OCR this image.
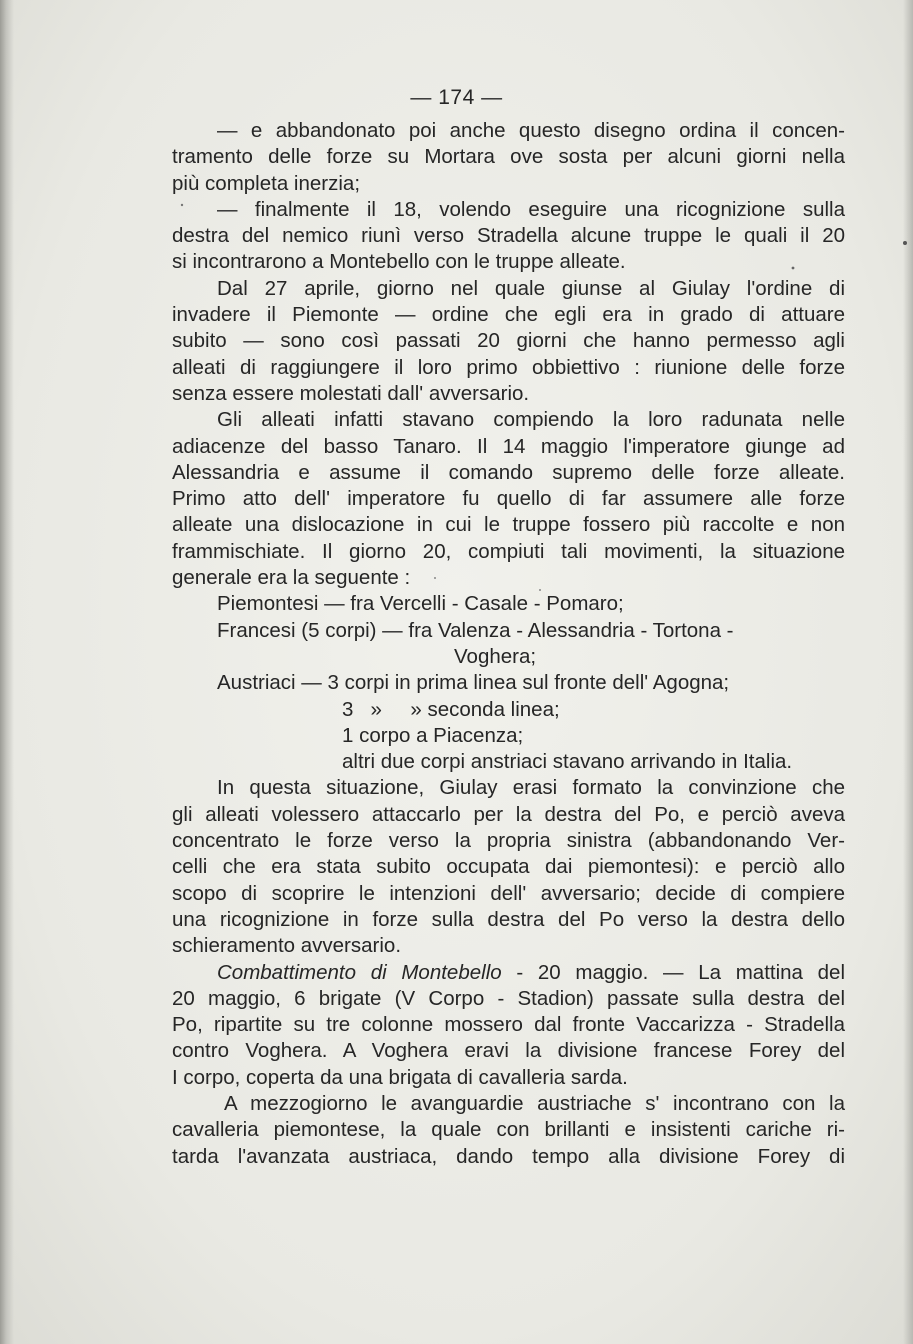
— 174 —
— e abbandonato poi anche questo disegno ordina il concen-
tramento delle forze su Mortara ove sosta per alcuni giorni nella
più completa inerzia;
— finalmente il 18, volendo eseguire una ricognizione sulla
destra del nemico riunì verso Stradella alcune truppe le quali il 20
si incontrarono a Montebello con le truppe alleate.
Dal 27 aprile, giorno nel quale giunse al Giulay l'ordine di
invadere il Piemonte — ordine che egli era in grado di attuare
subito — sono così passati 20 giorni che hanno permesso agli
alleati di raggiungere il loro primo obbiettivo : riunione delle forze
senza essere molestati dall' avversario.
Gli alleati infatti stavano compiendo la loro radunata nelle
adiacenze del basso Tanaro. Il 14 maggio l'imperatore giunge ad
Alessandria e assume il comando supremo delle forze alleate.
Primo atto dell' imperatore fu quello di far assumere alle forze
alleate una dislocazione in cui le truppe fossero più raccolte e non
frammischiate. Il giorno 20, compiuti tali movimenti, la situazione
generale era la seguente :
Piemontesi — fra Vercelli - Casale - Pomaro;
Francesi (5 corpi) — fra Valenza - Alessandria - Tortona -
Voghera;
Austriaci — 3 corpi in prima linea sul fronte dell' Agogna;
3   »     » seconda linea;
1 corpo a Piacenza;
altri due corpi anstriaci stavano arrivando in Italia.
In questa situazione, Giulay erasi formato la convinzione che
gli alleati volessero attaccarlo per la destra del Po, e perciò aveva
concentrato le forze verso la propria sinistra (abbandonando Ver-
celli che era stata subito occupata dai piemontesi): e perciò allo
scopo di scoprire le intenzioni dell' avversario; decide di compiere
una ricognizione in forze sulla destra del Po verso la destra dello
schieramento avversario.
Combattimento di Montebello - 20 maggio. — La mattina del
20 maggio, 6 brigate (V Corpo - Stadion) passate sulla destra del
Po, ripartite su tre colonne mossero dal fronte Vaccarizza - Stradella
contro Voghera. A Voghera eravi la divisione francese Forey del
I corpo, coperta da una brigata di cavalleria sarda.
A mezzogiorno le avanguardie austriache s' incontrano con la
cavalleria piemontese, la quale con brillanti e insistenti cariche ri-
tarda l'avanzata austriaca, dando tempo alla divisione Forey di
